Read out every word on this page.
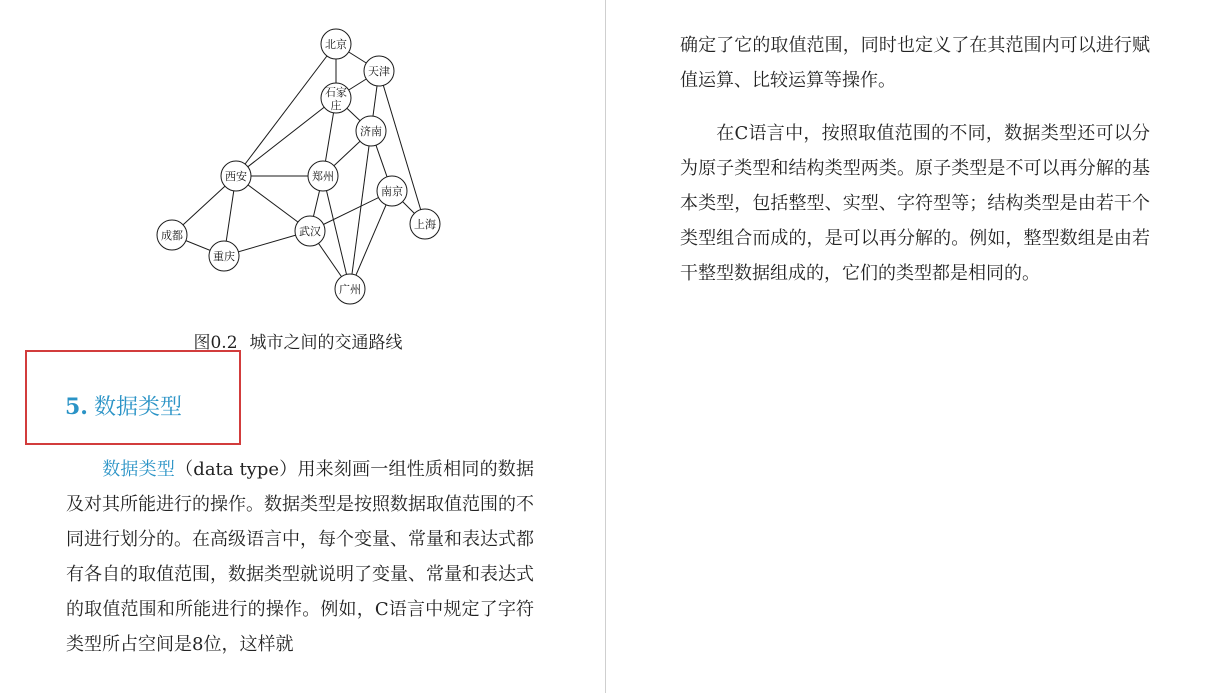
北京
天津
石家
庄
济南
西安	郑州
南京
上海
成都	武汉
重庆
广州
图0.2 城市之间的交通路线
5. 数据类型

数据类型（data type）用来刻画一组性质相同的数据及对其所能进行的操作。数据类型是按照数据取值范围的不同进行划分的。在高级语言中，每个变量、常量和表达式都有各自的取值范围，数据类型就说明了变量、常量和表达式的取值范围和所能进行的操作。例如，C语言中规定了字符类型所占空间是8位，这样就

确定了它的取值范围，同时也定义了在其范围内可以进行赋值运算、比较运算等操作。

在C语言中，按照取值范围的不同，数据类型还可以分为原子类型和结构类型两类。原子类型是不可以再分解的基本类型，包括整型、实型、字符型等；结构类型是由若干个类型组合而成的，是可以再分解的。例如，整型数组是由若干整型数据组成的，它们的类型都是相同的。
